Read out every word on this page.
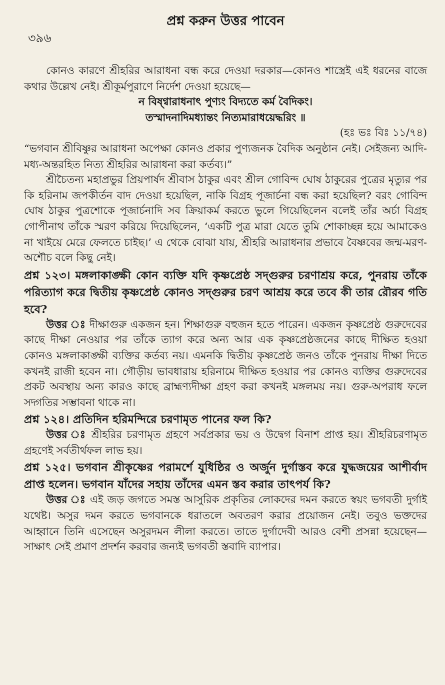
৩৯৬
প্রশ্ন করুন উত্তর পাবেন

কোনও কারণে শ্রীহরির আরাধনা বন্ধ করে দেওয়া দরকার—কোনও শাস্ত্রেই এই ধরনের বাজে কথার উল্লেখ নেই। শ্রীকূর্মপুরাণে নির্দেশ দেওয়া হয়েছে—

ন বিষ্ণ্বারাধনাৎ পুণ্যং বিদ্যতে কর্ম বৈদিকং।

তস্মাদনাদিমধ্যান্তং নিত্যমারাধয়েদ্ধরিং ॥

(হঃ ভঃ বিঃ ১১/৭৪)

“ভগবান শ্রীবিষ্ণুর আরাধনা অপেক্ষা কোনও প্রকার পুণ্যজনক বৈদিক অনুষ্ঠান নেই। সেইজন্য আদি-মধ্য-অন্তরহিত নিত্য শ্রীহরির আরাধনা করা কর্তব্য।”

শ্রীচৈতন্য মহাপ্রভুর প্রিয়পার্ষদ শ্রীবাস ঠাকুর এবং শ্রীল গোবিন্দ ঘোষ ঠাকুরের পুত্রের মৃত্যুর পর কি হরিনাম জপকীর্তন বাদ দেওয়া হয়েছিল, নাকি বিগ্রহ পূজার্চনা বন্ধ করা হয়েছিল? বরং গোবিন্দ ঘোষ ঠাকুর পুত্রশোকে পূজার্চনাদি সব ক্রিয়াকর্ম করতে ভুলে গিয়েছিলেন বলেই তাঁর অর্চা বিগ্রহ গোপীনাথ তাঁকে স্মরণ করিয়ে দিয়েছিলেন, ‘একটি পুত্র মারা যেতে তুমি শোকাচ্ছন্ন হয়ে আমাকেও না খাইয়ে মেরে ফেলতে চাইছ।’ এ থেকে বোঝা যায়, শ্রীহরি আরাধনার প্রভাবে বৈষ্ণবের জন্ম-মরণ-অশৌচ বলে কিছু নেই।

প্রশ্ন ১২৩। মঙ্গলাকাঙ্ক্ষী কোন ব্যক্তি যদি কৃষ্ণপ্রেষ্ঠ সদ্গুরুর চরণাশ্রয় করে, পুনরায় তাঁকে পরিত্যাগ করে দ্বিতীয় কৃষ্ণপ্রেষ্ঠ কোনও সদ্গুরুর চরণ আশ্রয় করে তবে কী তার রৌরব গতি হবে?

উত্তর ঃ দীক্ষাগুরু একজন হন। শিক্ষাগুরু বহুজন হতে পারেন। একজন কৃষ্ণপ্রেষ্ঠ গুরুদেবের কাছে দীক্ষা নেওয়ার পর তাঁকে ত্যাগ করে অন্য আর এক কৃষ্ণপ্রেষ্ঠজনের কাছে দীক্ষিত হওয়া কোনও মঙ্গলাকাঙ্ক্ষী ব্যক্তির কর্তব্য নয়। এমনকি দ্বিতীয় কৃষ্ণপ্রেষ্ঠ জনও তাঁকে পুনরায় দীক্ষা দিতে কখনই রাজী হবেন না। গৌড়ীয় ভাবধারায় হরিনামে দীক্ষিত হওয়ার পর কোনও ব্যক্তির গুরুদেবের প্রকট অবস্থায় অন্য কারও কাছে ব্রাহ্মণ্যদীক্ষা গ্রহণ করা কখনই মঙ্গলময় নয়। গুরু-অপরাধ ফলে সদ্গতির সম্ভাবনা থাকে না।

প্রশ্ন ১২৪। প্রতিদিন হরিমন্দিরে চরণামৃত পানের ফল কি?

উত্তর ঃ শ্রীহরির চরণামৃত গ্রহণে সর্বপ্রকার ভয় ও উদ্বেগ বিনাশ প্রাপ্ত হয়। শ্রীহরিচরণামৃত গ্রহণেই সর্বতীর্থফল লাভ হয়।

প্রশ্ন ১২৫। ভগবান শ্রীকৃষ্ণের পরামর্শে যুধিষ্ঠির ও অর্জুন দুর্গাস্তব করে যুদ্ধজয়ের আশীর্বাদ প্রাপ্ত হলেন। ভগবান যাঁদের সহায় তাঁদের এমন স্তব করার তাৎপর্য কি?

উত্তর ঃ এই জড় জগতে সমস্ত আসুরিক প্রকৃতির লোকদের দমন করতে স্বয়ং ভগবতী দুর্গাই যথেষ্ট। অসুর দমন করতে ভগবানকে ধরাতলে অবতরণ করার প্রয়োজন নেই। তবুও ভক্তদের আহ্বানে তিনি এসেছেন অসুরদমন লীলা করতে। তাতে দুর্গাদেবী আরও বেশী প্রসন্না হয়েছেন—সাক্ষাৎ সেই প্রমাণ প্রদর্শন করবার জন্যই ভগবতী স্তবাদি ব্যাপার।
